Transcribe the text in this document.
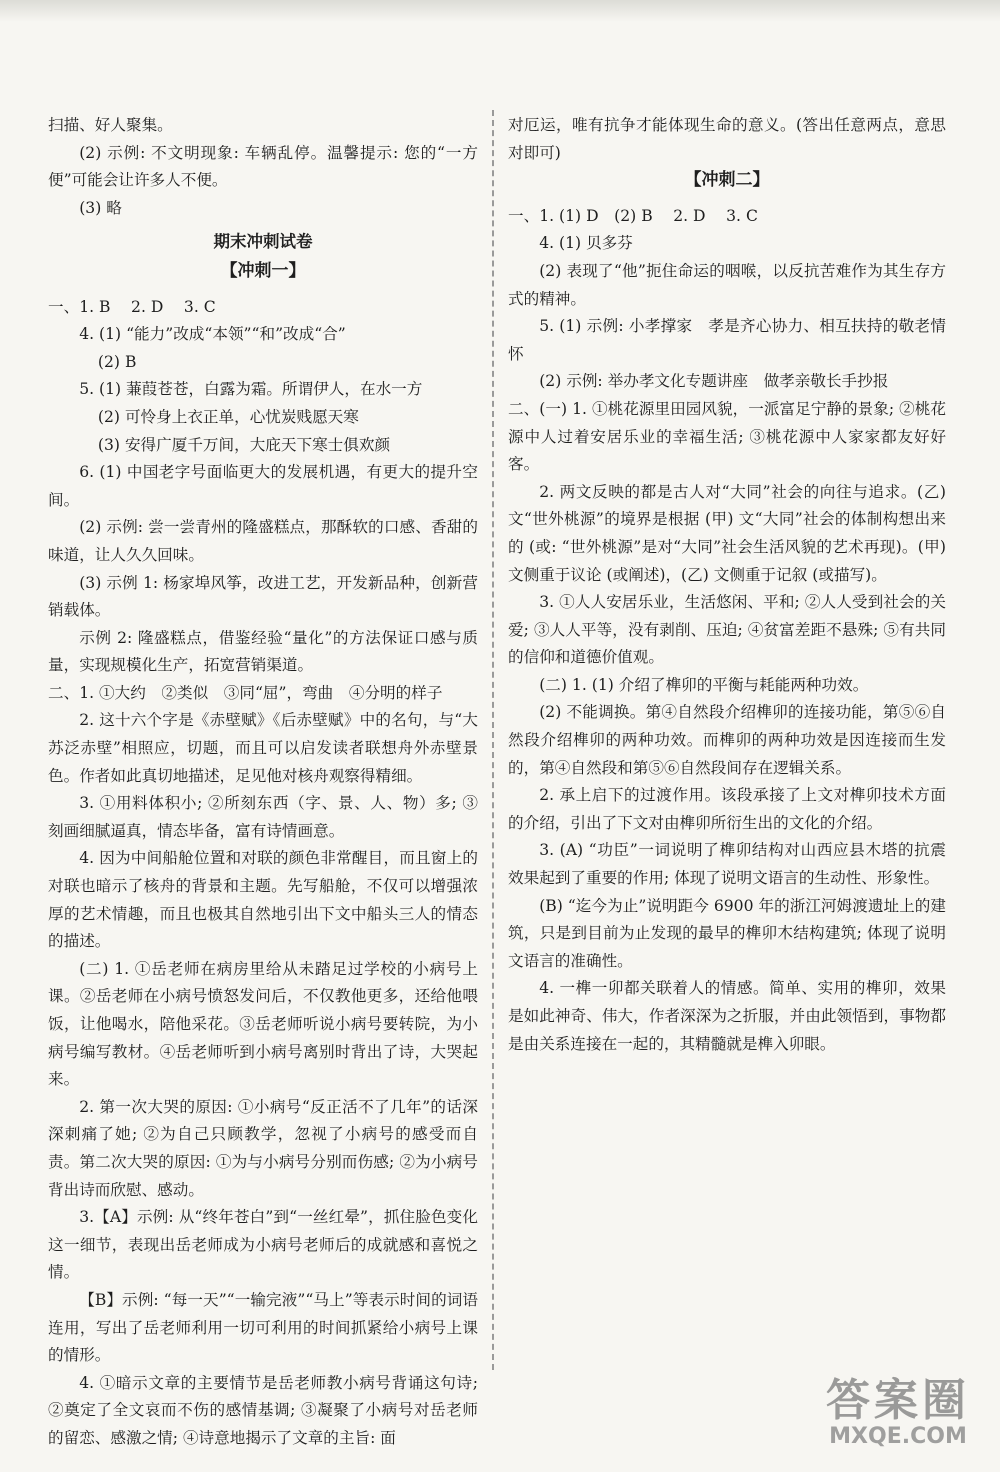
扫描、好人聚集。
(2) 示例: 不文明现象: 车辆乱停。温馨提示: 您的“一方便”可能会让许多人不便。
(3) 略
期末冲刺试卷
【冲刺一】
一、1. B　 2. D　 3. C
4. (1) “能力”改成“本领”“和”改成“合”
(2) B
5. (1) 蒹葭苍苍，白露为霜。所谓伊人，在水一方
(2) 可怜身上衣正单，心忧炭贱愿天寒
(3) 安得广厦千万间，大庇天下寒士俱欢颜
6. (1) 中国老字号面临更大的发展机遇，有更大的提升空间。
(2) 示例: 尝一尝青州的隆盛糕点，那酥软的口感、香甜的味道，让人久久回味。
(3) 示例 1: 杨家埠风筝，改进工艺，开发新品种，创新营销载体。
示例 2: 隆盛糕点，借鉴经验“量化”的方法保证口感与质量，实现规模化生产，拓宽营销渠道。
二、1. ①大约　②类似　③同“屈”，弯曲　④分明的样子
2. 这十六个字是《赤壁赋》《后赤壁赋》中的名句，与“大苏泛赤壁”相照应，切题，而且可以启发读者联想舟外赤壁景色。作者如此真切地描述，足见他对核舟观察得精细。
3. ①用料体积小; ②所刻东西（字、景、人、物）多; ③刻画细腻逼真，情态毕备，富有诗情画意。
4. 因为中间船舱位置和对联的颜色非常醒目，而且窗上的对联也暗示了核舟的背景和主题。先写船舱，不仅可以增强浓厚的艺术情趣，而且也极其自然地引出下文中船头三人的情态的描述。
(二) 1. ①岳老师在病房里给从未踏足过学校的小病号上课。②岳老师在小病号愤怒发问后，不仅教他更多，还给他喂饭，让他喝水，陪他采花。③岳老师听说小病号要转院，为小病号编写教材。④岳老师听到小病号离别时背出了诗，大哭起来。
2. 第一次大哭的原因: ①小病号“反正活不了几年”的话深深刺痛了她; ②为自己只顾教学，忽视了小病号的感受而自责。第二次大哭的原因: ①为与小病号分别而伤感; ②为小病号背出诗而欣慰、感动。
3.【A】示例: 从“终年苍白”到“一丝红晕”，抓住脸色变化这一细节，表现出岳老师成为小病号老师后的成就感和喜悦之情。
【B】示例: “每一天”“一输完液”“马上”等表示时间的词语连用，写出了岳老师利用一切可利用的时间抓紧给小病号上课的情形。
4. ①暗示文章的主要情节是岳老师教小病号背诵这句诗; ②奠定了全文哀而不伤的感情基调; ③凝聚了小病号对岳老师的留恋、感激之情; ④诗意地揭示了文章的主旨: 面
对厄运，唯有抗争才能体现生命的意义。(答出任意两点，意思对即可)
【冲刺二】
一、1. (1) D　(2) B　 2. D　 3. C
4. (1) 贝多芬
(2) 表现了“他”扼住命运的咽喉，以反抗苦难作为其生存方式的精神。
5. (1) 示例: 小孝撑家　孝是齐心协力、相互扶持的敬老情怀
(2) 示例: 举办孝文化专题讲座　做孝亲敬长手抄报
二、(一) 1. ①桃花源里田园风貌，一派富足宁静的景象; ②桃花源中人过着安居乐业的幸福生活; ③桃花源中人家家都友好好客。
2. 两文反映的都是古人对“大同”社会的向往与追求。(乙) 文“世外桃源”的境界是根据 (甲) 文“大同”社会的体制构想出来的 (或: “世外桃源”是对“大同”社会生活风貌的艺术再现)。(甲) 文侧重于议论 (或阐述)，(乙) 文侧重于记叙 (或描写)。
3. ①人人安居乐业，生活悠闲、平和; ②人人受到社会的关爱; ③人人平等，没有剥削、压迫; ④贫富差距不悬殊; ⑤有共同的信仰和道德价值观。
(二) 1. (1) 介绍了榫卯的平衡与耗能两种功效。
(2) 不能调换。第④自然段介绍榫卯的连接功能，第⑤⑥自然段介绍榫卯的两种功效。而榫卯的两种功效是因连接而生发的，第④自然段和第⑤⑥自然段间存在逻辑关系。
2. 承上启下的过渡作用。该段承接了上文对榫卯技术方面的介绍，引出了下文对由榫卯所衍生出的文化的介绍。
3. (A) “功臣”一词说明了榫卯结构对山西应县木塔的抗震效果起到了重要的作用; 体现了说明文语言的生动性、形象性。
(B) “迄今为止”说明距今 6900 年的浙江河姆渡遗址上的建筑，只是到目前为止发现的最早的榫卯木结构建筑; 体现了说明文语言的准确性。
4. 一榫一卯都关联着人的情感。简单、实用的榫卯，效果是如此神奇、伟大，作者深深为之折服，并由此领悟到，事物都是由关系连接在一起的，其精髓就是榫入卯眼。
答案圈
MXQE.COM
